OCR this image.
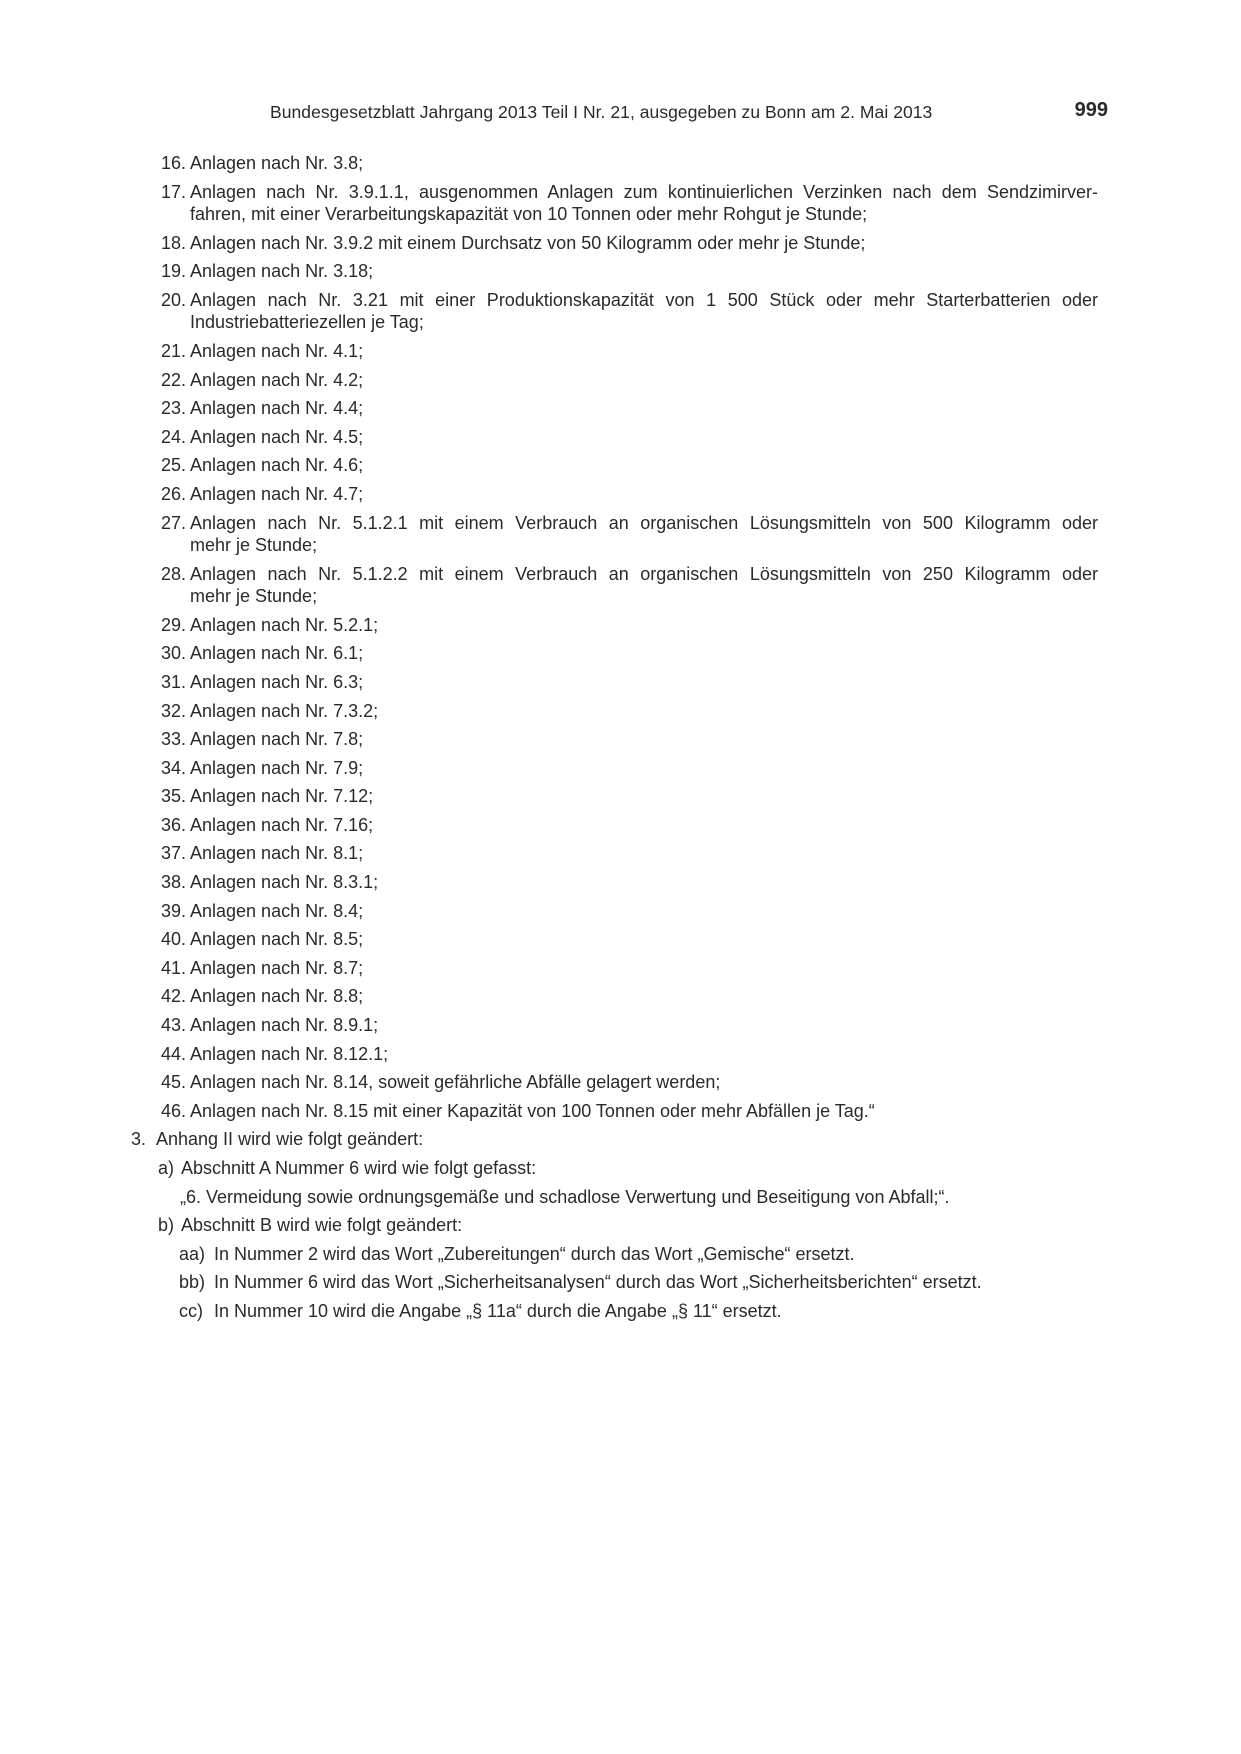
Bundesgesetzblatt Jahrgang 2013 Teil I Nr. 21, ausgegeben zu Bonn am 2. Mai 2013	999
16. Anlagen nach Nr. 3.8;
17. Anlagen nach Nr. 3.9.1.1, ausgenommen Anlagen zum kontinuierlichen Verzinken nach dem Sendzimirver-
fahren, mit einer Verarbeitungskapazität von 10 Tonnen oder mehr Rohgut je Stunde;
18. Anlagen nach Nr. 3.9.2 mit einem Durchsatz von 50 Kilogramm oder mehr je Stunde;
19. Anlagen nach Nr. 3.18;
20. Anlagen nach Nr. 3.21 mit einer Produktionskapazität von 1 500 Stück oder mehr Starterbatterien oder
Industriebatteriezellen je Tag;
21. Anlagen nach Nr. 4.1;
22. Anlagen nach Nr. 4.2;
23. Anlagen nach Nr. 4.4;
24. Anlagen nach Nr. 4.5;
25. Anlagen nach Nr. 4.6;
26. Anlagen nach Nr. 4.7;
27. Anlagen nach Nr. 5.1.2.1 mit einem Verbrauch an organischen Lösungsmitteln von 500 Kilogramm oder
mehr je Stunde;
28. Anlagen nach Nr. 5.1.2.2 mit einem Verbrauch an organischen Lösungsmitteln von 250 Kilogramm oder
mehr je Stunde;
29. Anlagen nach Nr. 5.2.1;
30. Anlagen nach Nr. 6.1;
31. Anlagen nach Nr. 6.3;
32. Anlagen nach Nr. 7.3.2;
33. Anlagen nach Nr. 7.8;
34. Anlagen nach Nr. 7.9;
35. Anlagen nach Nr. 7.12;
36. Anlagen nach Nr. 7.16;
37. Anlagen nach Nr. 8.1;
38. Anlagen nach Nr. 8.3.1;
39. Anlagen nach Nr. 8.4;
40. Anlagen nach Nr. 8.5;
41. Anlagen nach Nr. 8.7;
42. Anlagen nach Nr. 8.8;
43. Anlagen nach Nr. 8.9.1;
44. Anlagen nach Nr. 8.12.1;
45. Anlagen nach Nr. 8.14, soweit gefährliche Abfälle gelagert werden;
46. Anlagen nach Nr. 8.15 mit einer Kapazität von 100 Tonnen oder mehr Abfällen je Tag.“
3. Anhang II wird wie folgt geändert:
a) Abschnitt A Nummer 6 wird wie folgt gefasst:
„6. Vermeidung sowie ordnungsgemäße und schadlose Verwertung und Beseitigung von Abfall;“.
b) Abschnitt B wird wie folgt geändert:
aa) In Nummer 2 wird das Wort „Zubereitungen“ durch das Wort „Gemische“ ersetzt.
bb) In Nummer 6 wird das Wort „Sicherheitsanalysen“ durch das Wort „Sicherheitsberichten“ ersetzt.
cc) In Nummer 10 wird die Angabe „§ 11a“ durch die Angabe „§ 11“ ersetzt.
